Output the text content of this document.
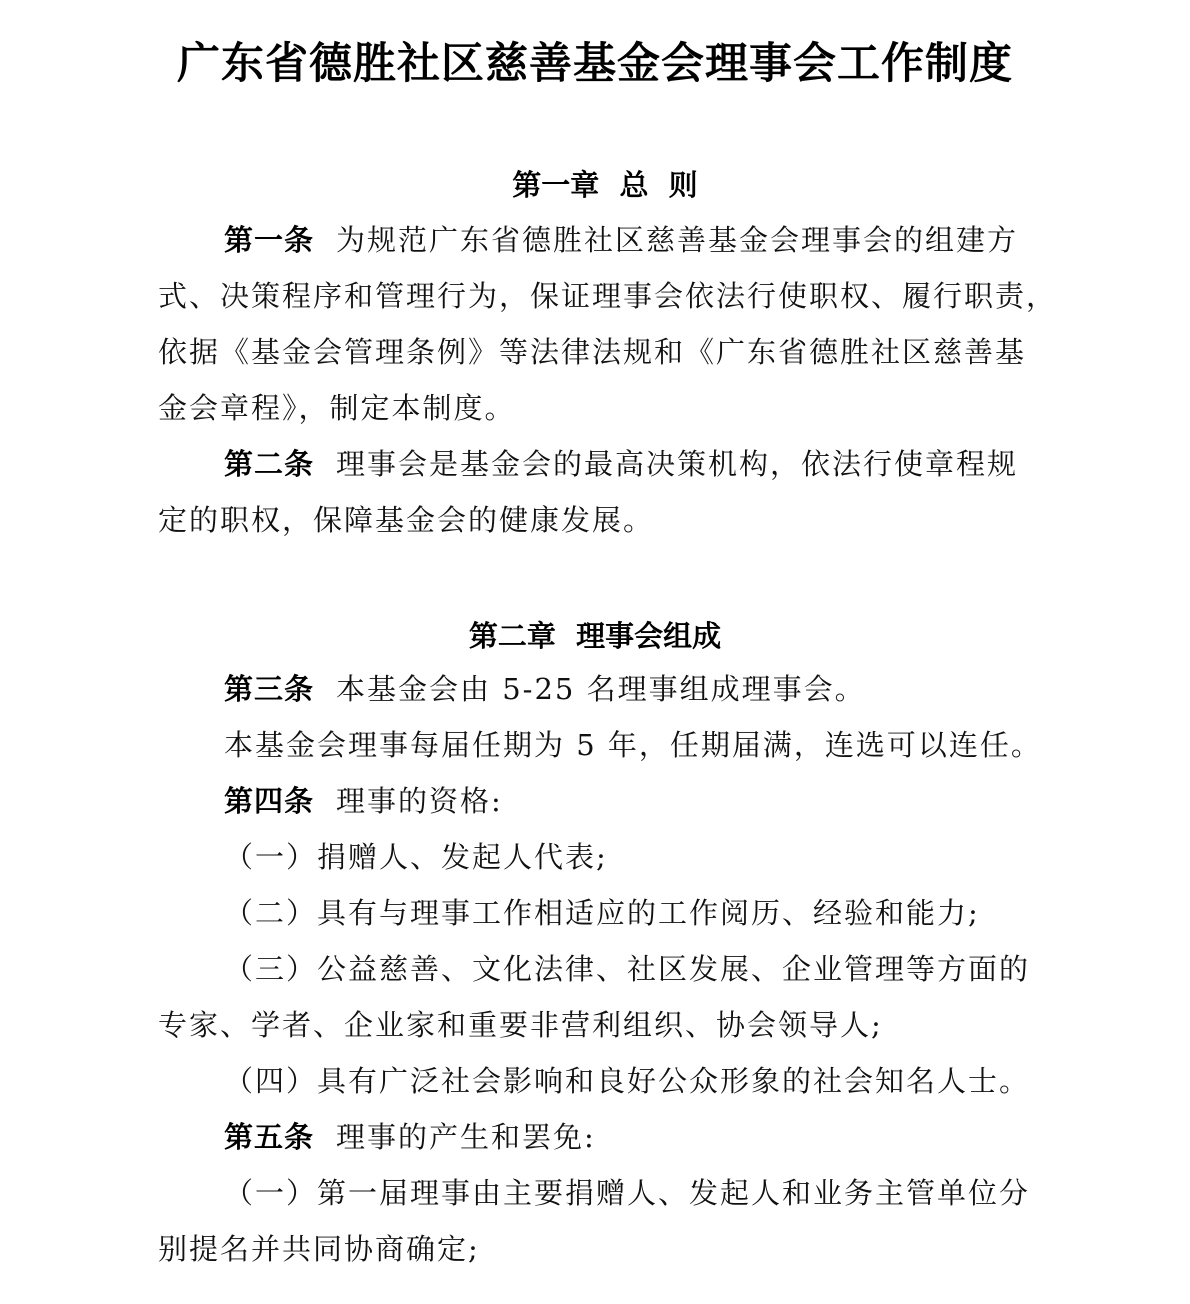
广东省德胜社区慈善基金会理事会工作制度
第一章  总  则
第一条 为规范广东省德胜社区慈善基金会理事会的组建方
式、决策程序和管理行为，保证理事会依法行使职权、履行职责，
依据《基金会管理条例》等法律法规和《广东省德胜社区慈善基
金会章程》，制定本制度。
第二条 理事会是基金会的最高决策机构，依法行使章程规
定的职权，保障基金会的健康发展。
第二章  理事会组成
第三条 本基金会由 5-25 名理事组成理事会。
本基金会理事每届任期为 5 年，任期届满，连选可以连任。
第四条 理事的资格:
（一）捐赠人、发起人代表;
（二）具有与理事工作相适应的工作阅历、经验和能力;
（三）公益慈善、文化法律、社区发展、企业管理等方面的
专家、学者、企业家和重要非营利组织、协会领导人;
（四）具有广泛社会影响和良好公众形象的社会知名人士。
第五条 理事的产生和罢免:
（一）第一届理事由主要捐赠人、发起人和业务主管单位分
别提名并共同协商确定;
